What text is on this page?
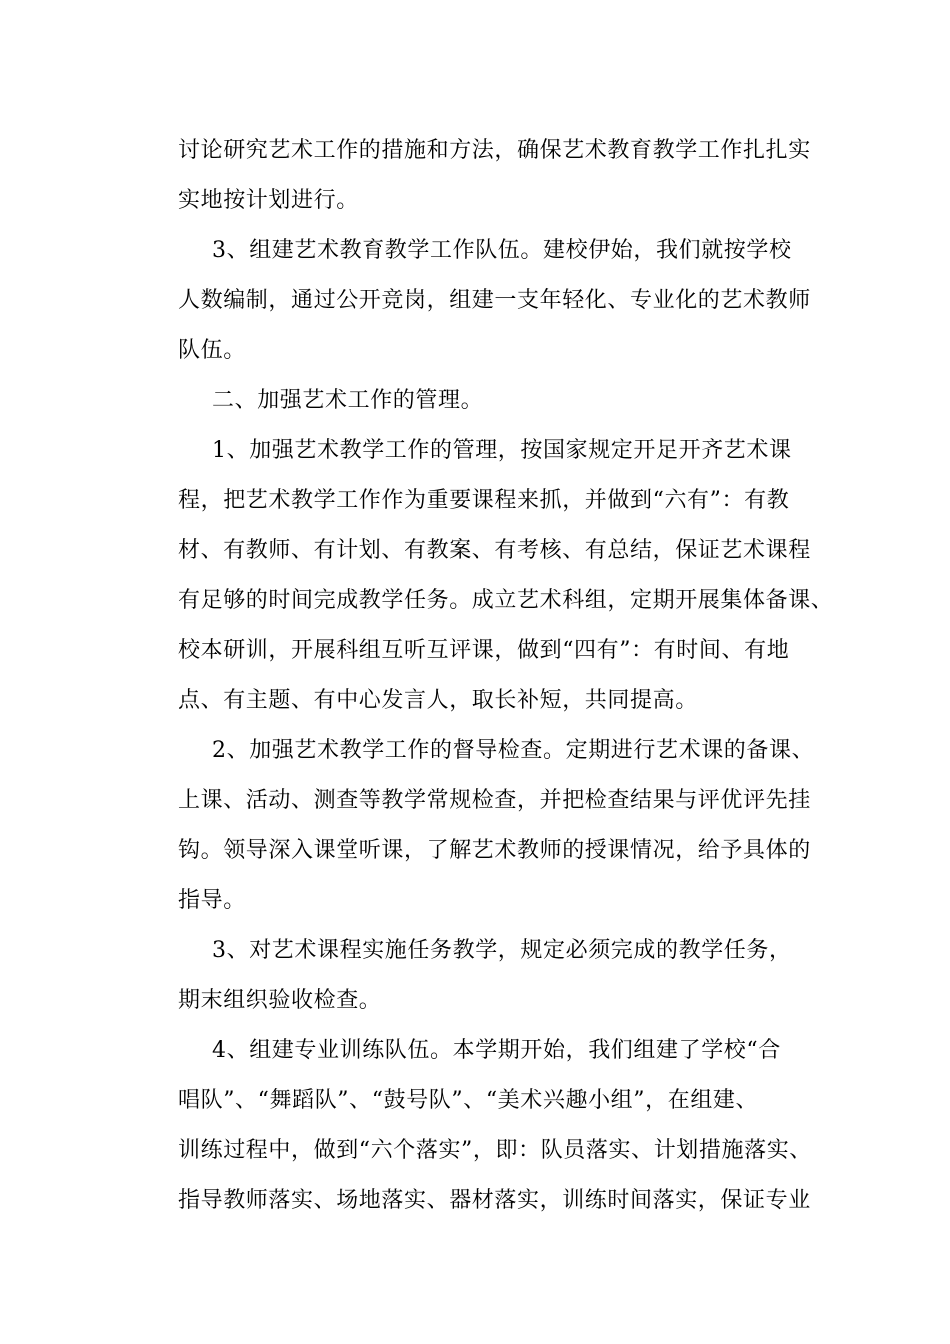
讨论研究艺术工作的措施和方法，确保艺术教育教学工作扎扎实
实地按计划进行。
3、组建艺术教育教学工作队伍。建校伊始，我们就按学校
人数编制，通过公开竞岗，组建一支年轻化、专业化的艺术教师
队伍。
二、加强艺术工作的管理。
1、加强艺术教学工作的管理，按国家规定开足开齐艺术课
程，把艺术教学工作作为重要课程来抓，并做到“六有”：有教
材、有教师、有计划、有教案、有考核、有总结，保证艺术课程
有足够的时间完成教学任务。成立艺术科组，定期开展集体备课、
校本研训，开展科组互听互评课，做到“四有”：有时间、有地
点、有主题、有中心发言人，取长补短，共同提高。
2、加强艺术教学工作的督导检查。定期进行艺术课的备课、
上课、活动、测查等教学常规检查，并把检查结果与评优评先挂
钩。领导深入课堂听课，了解艺术教师的授课情况，给予具体的
指导。
3、对艺术课程实施任务教学，规定必须完成的教学任务，
期末组织验收检查。
4、组建专业训练队伍。本学期开始，我们组建了学校“合
唱队”、“舞蹈队”、“鼓号队”、“美术兴趣小组”，在组建、
训练过程中，做到“六个落实”，即：队员落实、计划措施落实、
指导教师落实、场地落实、器材落实，训练时间落实，保证专业
